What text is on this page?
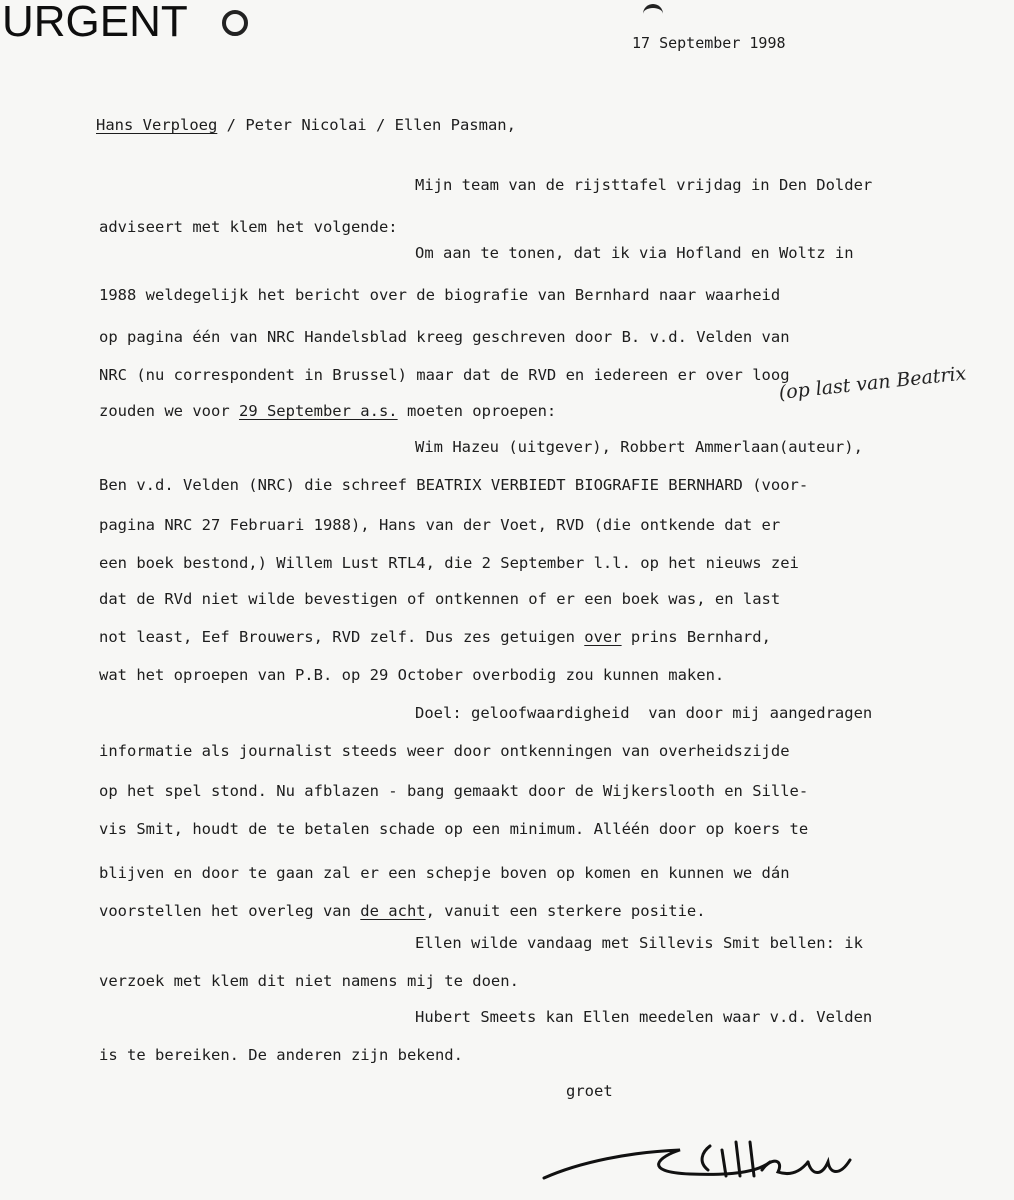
URGENT	17 September 1998
Hans Verploeg / Peter Nicolai / Ellen Pasman,
Mijn team van de rijsttafel vrijdag in Den Dolder
adviseert met klem het volgende:
Om aan te tonen, dat ik via Hofland en Woltz in
1988 weldegelijk het bericht over de biografie van Bernhard naar waarheid
op pagina één van NRC Handelsblad kreeg geschreven door B. v.d. Velden van
NRC (nu correspondent in Brussel) maar dat de RVD en iedereen er over loog
zouden we voor 29 September a.s. moeten oproepen:
(op last van Beatrix
Wim Hazeu (uitgever), Robbert Ammerlaan(auteur),
Ben v.d. Velden (NRC) die schreef BEATRIX VERBIEDT BIOGRAFIE BERNHARD (voor-
pagina NRC 27 Februari 1988), Hans van der Voet, RVD (die ontkende dat er
een boek bestond,) Willem Lust RTL4, die 2 September l.l. op het nieuws zei
dat de RVd niet wilde bevestigen of ontkennen of er een boek was, en last
not least, Eef Brouwers, RVD zelf. Dus zes getuigen over prins Bernhard,
wat het oproepen van P.B. op 29 October overbodig zou kunnen maken.
Doel: geloofwaardigheid  van door mij aangedragen
informatie als journalist steeds weer door ontkenningen van overheidszijde
op het spel stond. Nu afblazen - bang gemaakt door de Wijkerslooth en Sille-
vis Smit, houdt de te betalen schade op een minimum. Alléén door op koers te
blijven en door te gaan zal er een schepje boven op komen en kunnen we dán
voorstellen het overleg van de acht, vanuit een sterkere positie.
Ellen wilde vandaag met Sillevis Smit bellen: ik
verzoek met klem dit niet namens mij te doen.
Hubert Smeets kan Ellen meedelen waar v.d. Velden
is te bereiken. De anderen zijn bekend.
groet
